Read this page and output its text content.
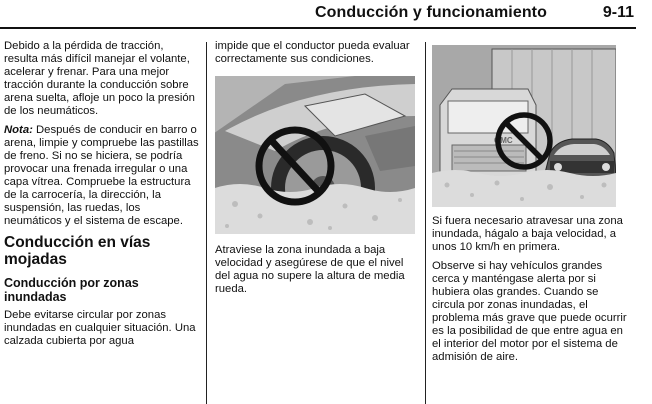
Conducción y funcionamiento	9-11

Debido a la pérdida de tracción, resulta más difícil manejar el volante, acelerar y frenar. Para una mejor tracción durante la conducción sobre arena suelta, afloje un poco la presión de los neumáticos.

Nota: Después de conducir en barro o arena, limpie y compruebe las pastillas de freno. Si no se hiciera, se podría provocar una frenada irregular o una capa vítrea. Compruebe la estructura de la carrocería, la dirección, la suspensión, las ruedas, los neumáticos y el sistema de escape.

Conducción en vías mojadas
Conducción por zonas inundadas

Debe evitarse circular por zonas inundadas en cualquier situación. Una calzada cubierta por agua

impide que el conductor pueda evaluar correctamente sus condiciones.

Atraviese la zona inundada a baja velocidad y asegúrese de que el nivel del agua no supere la altura de media rueda.

GMC

Si fuera necesario atravesar una zona inundada, hágalo a baja velocidad, a unos 10 km/h en primera.

Observe si hay vehículos grandes cerca y manténgase alerta por si hubiera olas grandes. Cuando se circula por zonas inundadas, el problema más grave que puede ocurrir es la posibilidad de que entre agua en el interior del motor por el sistema de admisión de aire.
